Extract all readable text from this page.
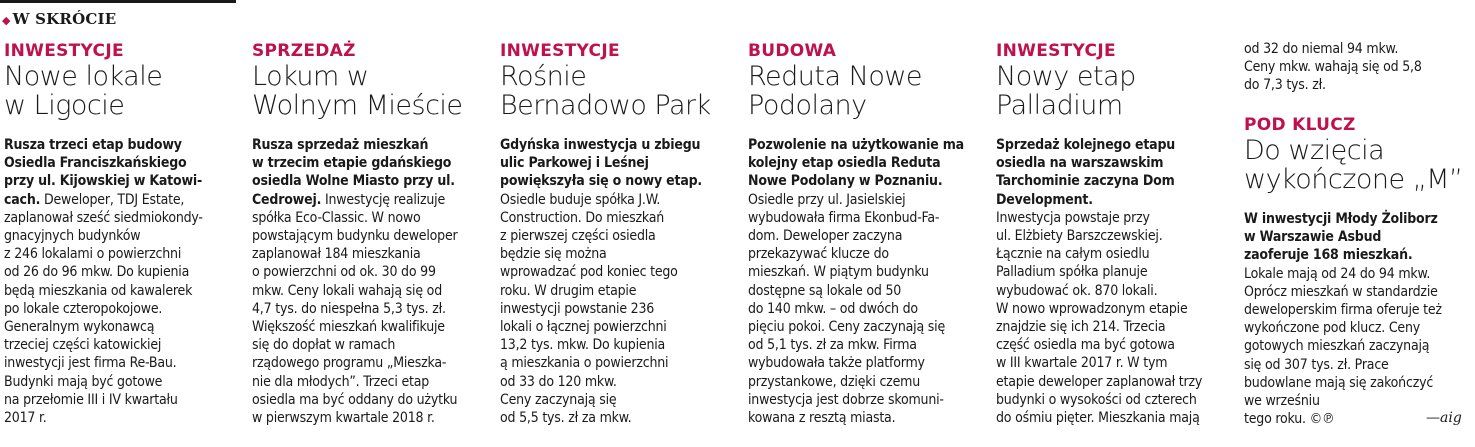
◆ W SKRÓCIE
INWESTYCJE
Nowe lokale
w Ligocie
Rusza trzeci etap budowy
Osiedla Franciszkańskiego
przy ul. Kijowskiej w Katowi-
cach. Deweloper, TDJ Estate,
zaplanował sześć siedmiokondy-
gnacyjnych budynków
z 246 lokalami o powierzchni
od 26 do 96 mkw. Do kupienia
będą mieszkania od kawalerek
po lokale czteropokojowe.
Generalnym wykonawcą
trzeciej części katowickiej
inwestycji jest firma Re-Bau.
Budynki mają być gotowe
na przełomie III i IV kwartału
2017 r.
SPRZEDAŻ
Lokum w
Wolnym Mieście
Rusza sprzedaż mieszkań
w trzecim etapie gdańskiego
osiedla Wolne Miasto przy ul.
Cedrowej. Inwestycję realizuje
spółka Eco-Classic. W nowo
powstającym budynku deweloper
zaplanował 184 mieszkania
o powierzchni od ok. 30 do 99
mkw. Ceny lokali wahają się od
4,7 tys. do niespełna 5,3 tys. zł.
Większość mieszkań kwalifikuje
się do dopłat w ramach
rządowego programu „Mieszka-
nie dla młodych”. Trzeci etap
osiedla ma być oddany do użytku
w pierwszym kwartale 2018 r.
INWESTYCJE
Rośnie
Bernadowo Park
Gdyńska inwestycja u zbiegu
ulic Parkowej i Leśnej
powiększyła się o nowy etap.
Osiedle buduje spółka J.W.
Construction. Do mieszkań
z pierwszej części osiedla
będzie się można
wprowadzać pod koniec tego
roku. W drugim etapie
inwestycji powstanie 236
lokali o łącznej powierzchni
13,2 tys. mkw. Do kupienia
ą mieszkania o powierzchni
od 33 do 120 mkw.
Ceny zaczynają się
od 5,5 tys. zł za mkw.
BUDOWA
Reduta Nowe
Podolany
Pozwolenie na użytkowanie ma
kolejny etap osiedla Reduta
Nowe Podolany w Poznaniu.
Osiedle przy ul. Jasielskiej
wybudowała firma Ekonbud-Fa-
dom. Deweloper zaczyna
przekazywać klucze do
mieszkań. W piątym budynku
dostępne są lokale od 50
do 140 mkw. – od dwóch do
pięciu pokoi. Ceny zaczynają się
od 5,1 tys. zł za mkw. Firma
wybudowała także platformy
przystankowe, dzięki czemu
inwestycja jest dobrze skomuni-
kowana z resztą miasta.
INWESTYCJE
Nowy etap
Palladium
Sprzedaż kolejnego etapu
osiedla na warszawskim
Tarchominie zaczyna Dom
Development.
Inwestycja powstaje przy
ul. Elżbiety Barszczewskiej.
Łącznie na całym osiedlu
Palladium spółka planuje
wybudować ok. 870 lokali.
W nowo wprowadzonym etapie
znajdzie się ich 214. Trzecia
część osiedla ma być gotowa
w III kwartale 2017 r. W tym
etapie deweloper zaplanował trzy
budynki o wysokości od czterech
do ośmiu pięter. Mieszkania mają
od 32 do niemal 94 mkw.
Ceny mkw. wahają się od 5,8
do 7,3 tys. zł.
POD KLUCZ
Do wzięcia
wykończone „M”
W inwestycji Młody Żoliborz
w Warszawie Asbud
zaoferuje 168 mieszkań.
Lokale mają od 24 do 94 mkw.
Oprócz mieszkań w standardzie
deweloperskim firma oferuje też
wykończone pod klucz. Ceny
gotowych mieszkań zaczynają
się od 307 tys. zł. Prace
budowlane mają się zakończyć
we wrześniu
tego roku. ©℗	—aig
